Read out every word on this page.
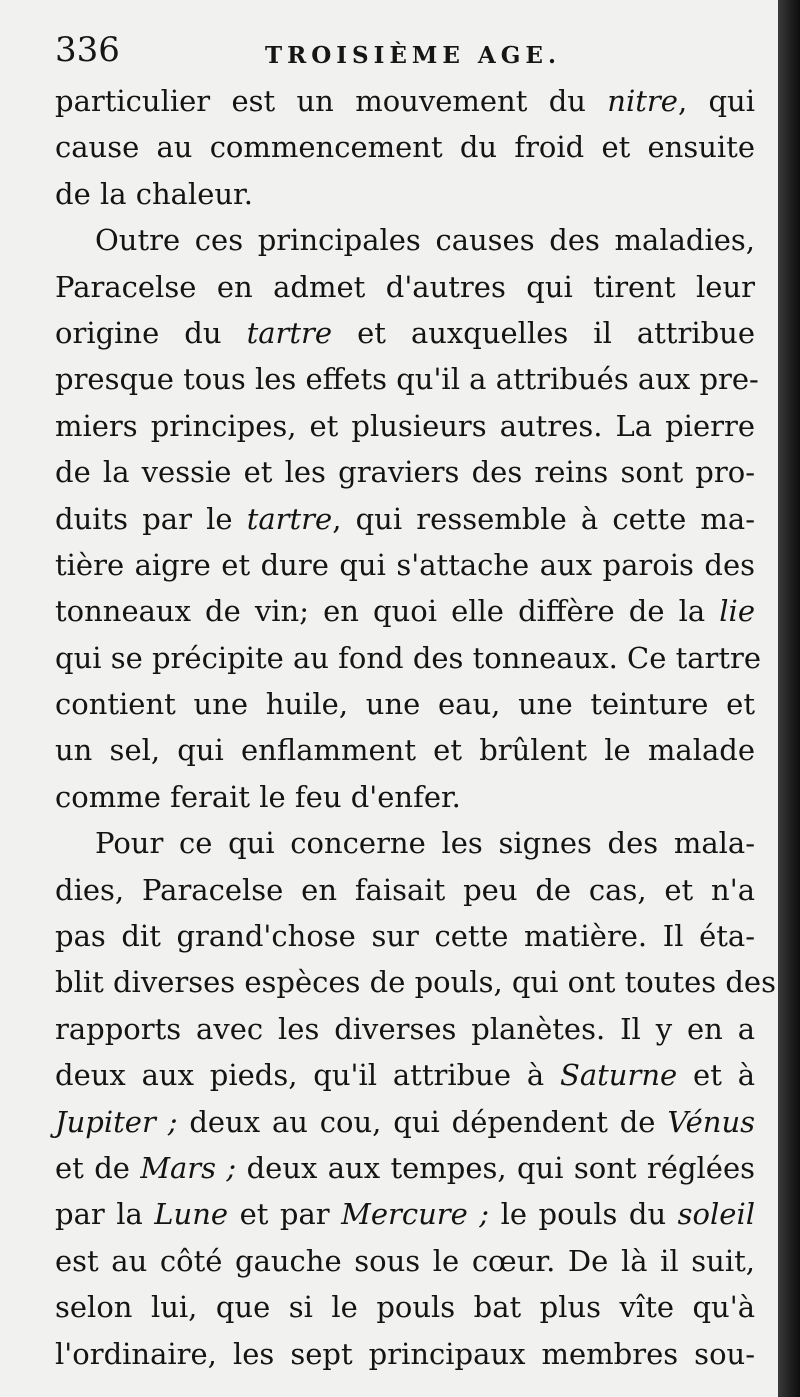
336	TROISIÈME AGE.
particulier est un mouvement du nitre, qui
cause au commencement du froid et ensuite
de la chaleur.
Outre ces principales causes des maladies,
Paracelse en admet d'autres qui tirent leur
origine du tartre et auxquelles il attribue
presque tous les effets qu'il a attribués aux pre-
miers principes, et plusieurs autres. La pierre
de la vessie et les graviers des reins sont pro-
duits par le tartre, qui ressemble à cette ma-
tière aigre et dure qui s'attache aux parois des
tonneaux de vin; en quoi elle diffère de la lie
qui se précipite au fond des tonneaux. Ce tartre
contient une huile, une eau, une teinture et
un sel, qui enflamment et brûlent le malade
comme ferait le feu d'enfer.
Pour ce qui concerne les signes des mala-
dies, Paracelse en faisait peu de cas, et n'a
pas dit grand'chose sur cette matière. Il éta-
blit diverses espèces de pouls, qui ont toutes des
rapports avec les diverses planètes. Il y en a
deux aux pieds, qu'il attribue à Saturne et à
Jupiter ; deux au cou, qui dépendent de Vénus
et de Mars ; deux aux tempes, qui sont réglées
par la Lune et par Mercure ; le pouls du soleil
est au côté gauche sous le cœur. De là il suit,
selon lui, que si le pouls bat plus vîte qu'à
l'ordinaire, les sept principaux membres sou-
